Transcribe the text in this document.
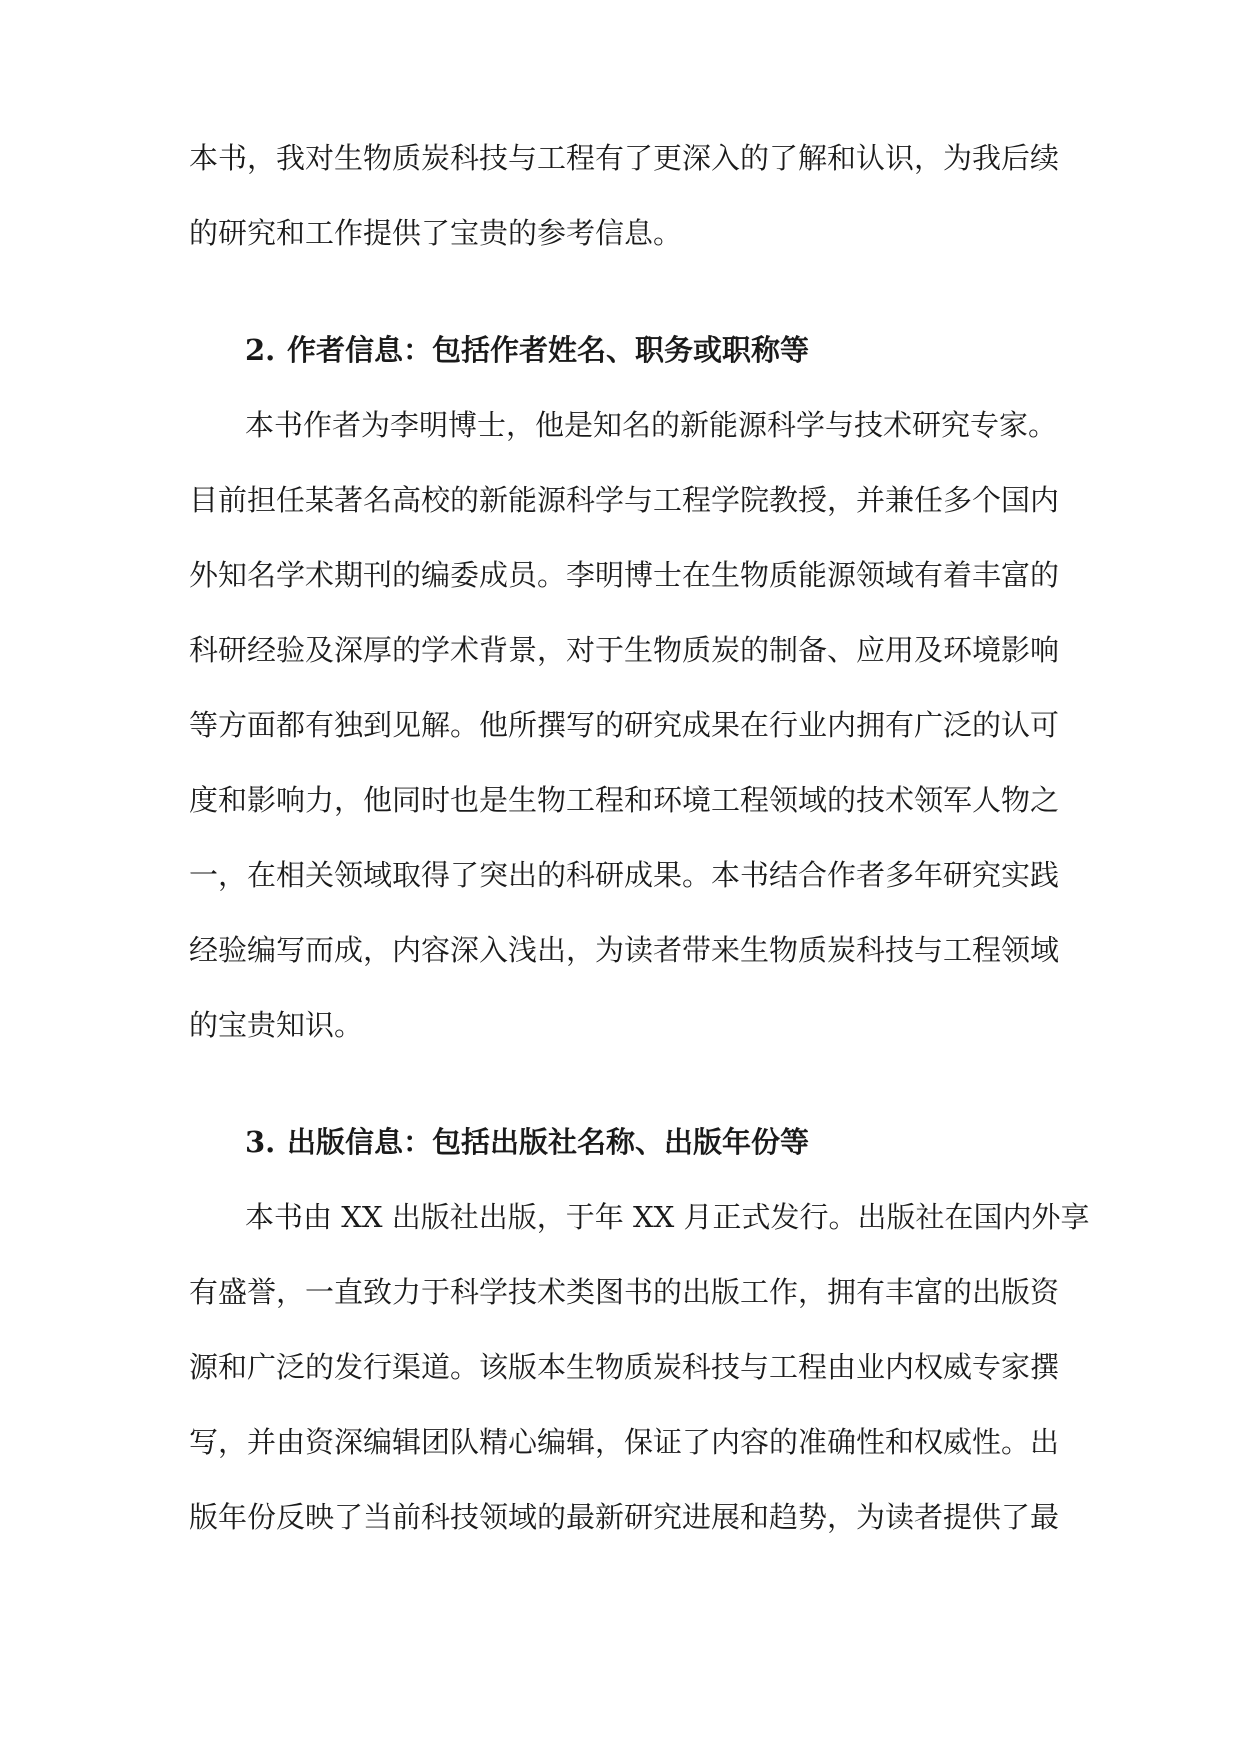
本书，我对生物质炭科技与工程有了更深入的了解和认识，为我后续
的研究和工作提供了宝贵的参考信息。
2. 作者信息：包括作者姓名、职务或职称等
本书作者为李明博士，他是知名的新能源科学与技术研究专家。
目前担任某著名高校的新能源科学与工程学院教授，并兼任多个国内
外知名学术期刊的编委成员。李明博士在生物质能源领域有着丰富的
科研经验及深厚的学术背景，对于生物质炭的制备、应用及环境影响
等方面都有独到见解。他所撰写的研究成果在行业内拥有广泛的认可
度和影响力，他同时也是生物工程和环境工程领域的技术领军人物之
一，在相关领域取得了突出的科研成果。本书结合作者多年研究实践
经验编写而成，内容深入浅出，为读者带来生物质炭科技与工程领域
的宝贵知识。
3. 出版信息：包括出版社名称、出版年份等
本书由 XX 出版社出版，于年 XX 月正式发行。出版社在国内外享
有盛誉，一直致力于科学技术类图书的出版工作，拥有丰富的出版资
源和广泛的发行渠道。该版本生物质炭科技与工程由业内权威专家撰
写，并由资深编辑团队精心编辑，保证了内容的准确性和权威性。出
版年份反映了当前科技领域的最新研究进展和趋势，为读者提供了最
